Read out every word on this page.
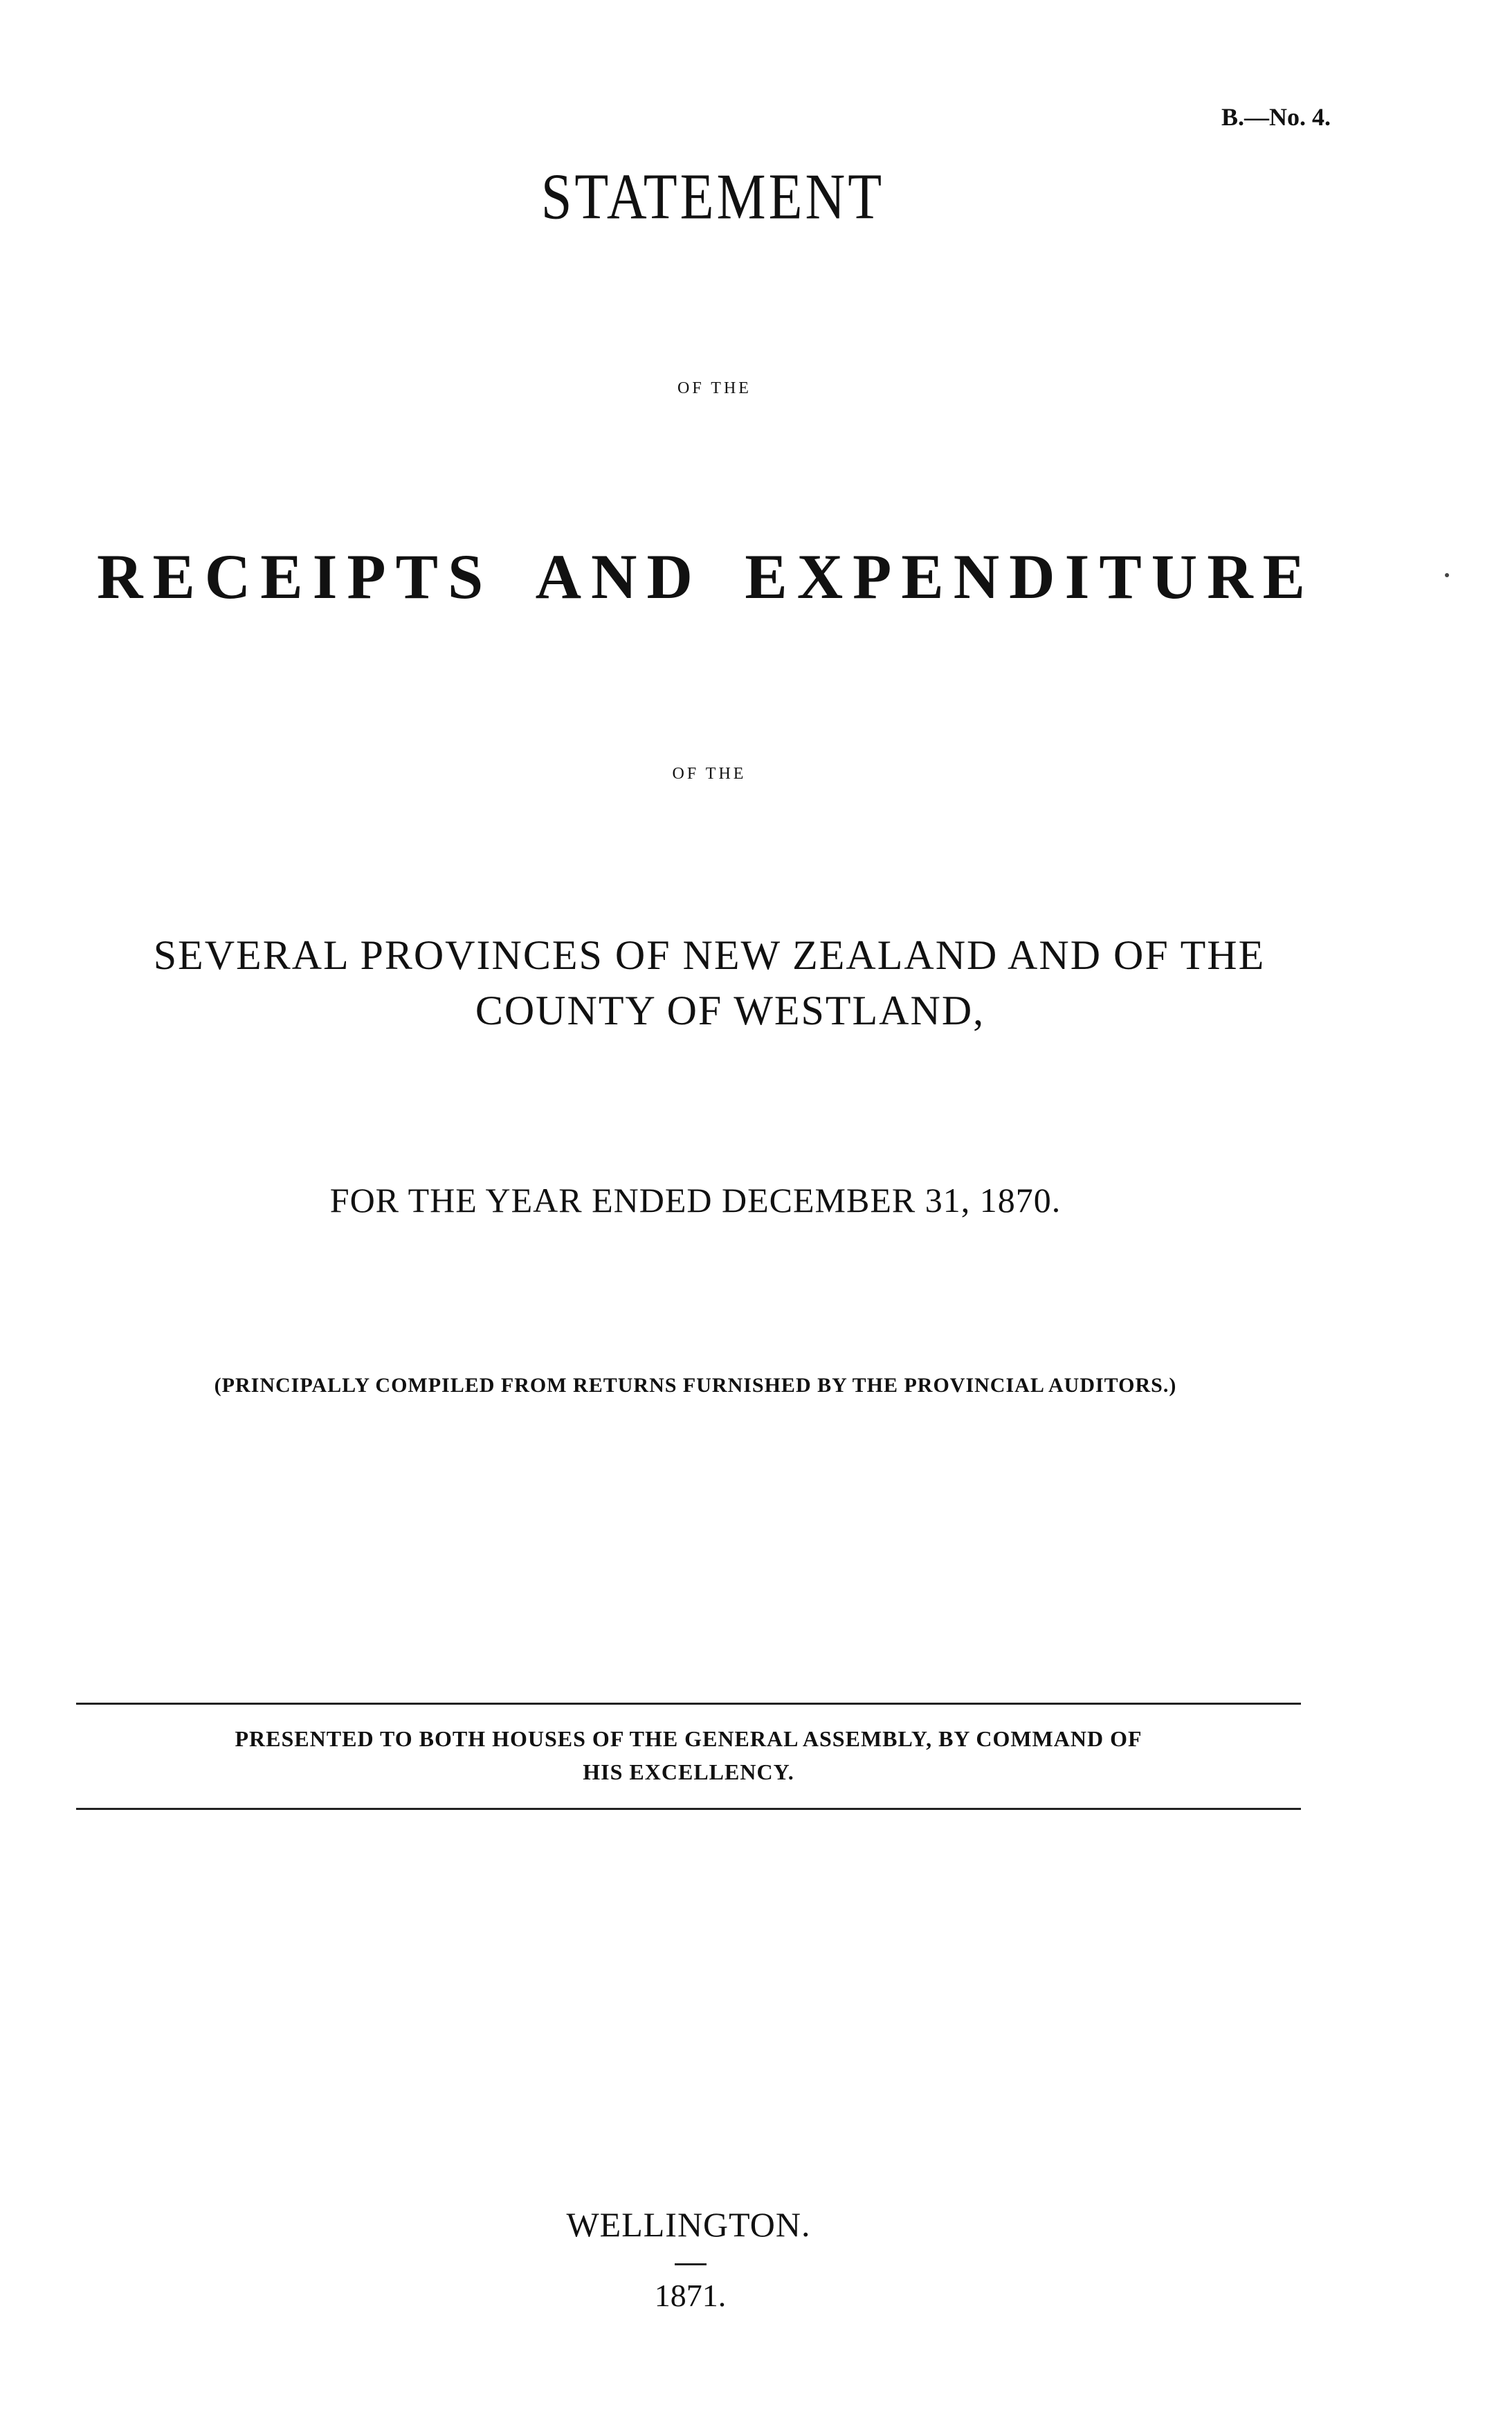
B.—No. 4.
STATEMENT
OF THE
RECEIPTS AND EXPENDITURE
OF THE
SEVERAL PROVINCES OF NEW ZEALAND AND OF THE
COUNTY OF WESTLAND,
FOR THE YEAR ENDED DECEMBER 31, 1870.
(PRINCIPALLY COMPILED FROM RETURNS FURNISHED BY THE PROVINCIAL AUDITORS.)
PRESENTED TO BOTH HOUSES OF THE GENERAL ASSEMBLY, BY COMMAND OF
HIS EXCELLENCY.
WELLINGTON.
1871.
